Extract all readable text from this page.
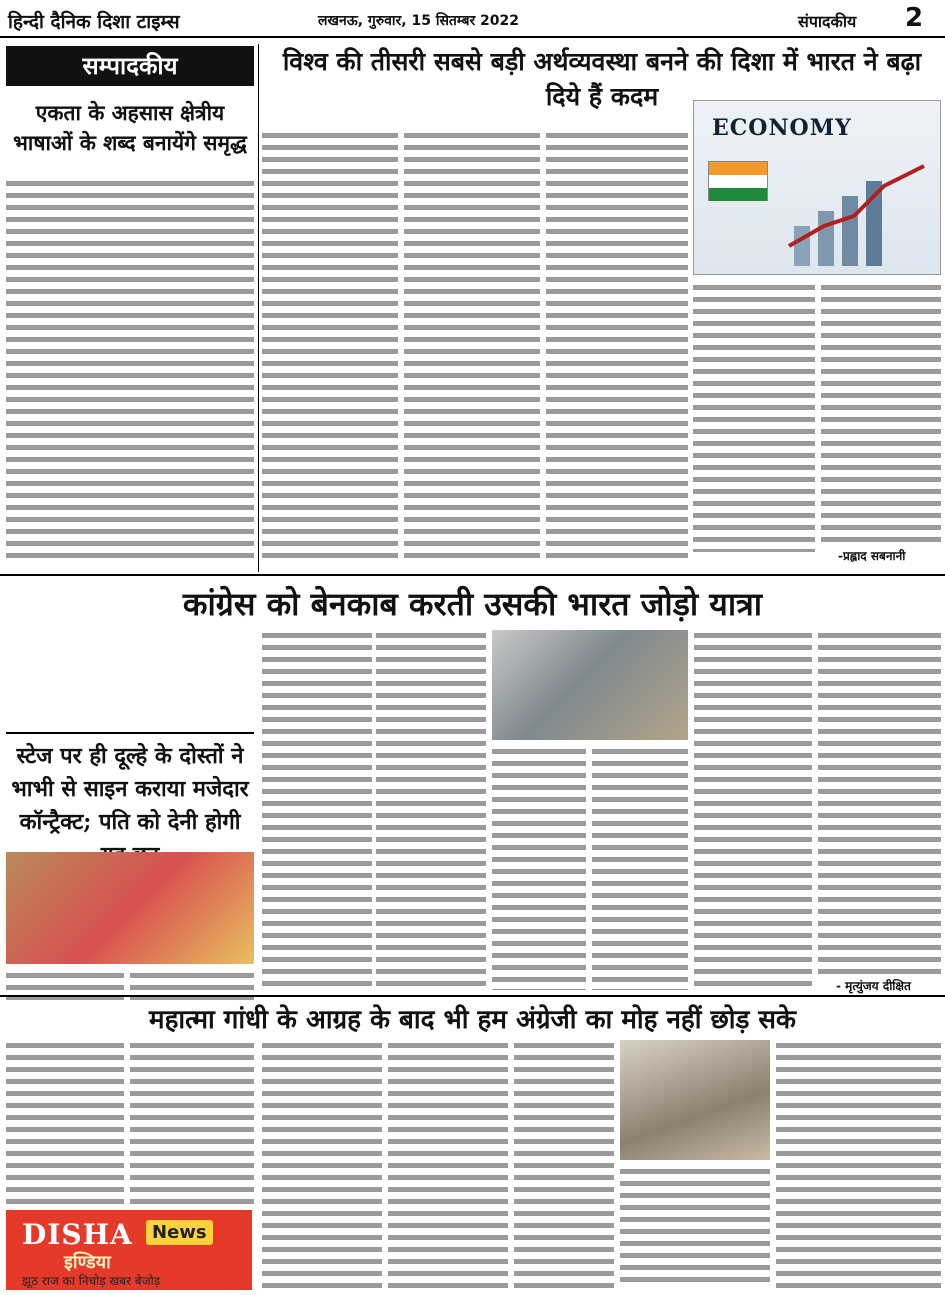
हिन्दी दैनिक दिशा टाइम्स	लखनऊ, गुरुवार, 15 सितम्बर 2022	संपादकीय 2
सम्पादकीय
एकता के अहसास क्षेत्रीय भाषाओं के शब्द बनायेंगे समृद्ध
विश्व की तीसरी सबसे बड़ी अर्थव्यवस्था बनने की दिशा में भारत ने बढ़ा दिये हैं कदम
ECONOMY
-प्रह्लाद सबनानी
कांग्रेस को बेनकाब करती उसकी भारत जोड़ो यात्रा
- मृत्युंजय दीक्षित
स्टेज पर ही दूल्हे के दोस्तों ने भाभी से साइन कराया मजेदार कॉन्ट्रैक्ट; पति को देनी होगी
महात्मा गांधी के आग्रह के बाद भी हम अंग्रेजी का मोह नहीं छोड़ सके
DISHA	News
इण्डिया
झूठ राज का निचोड़ खबर बेजोड़
